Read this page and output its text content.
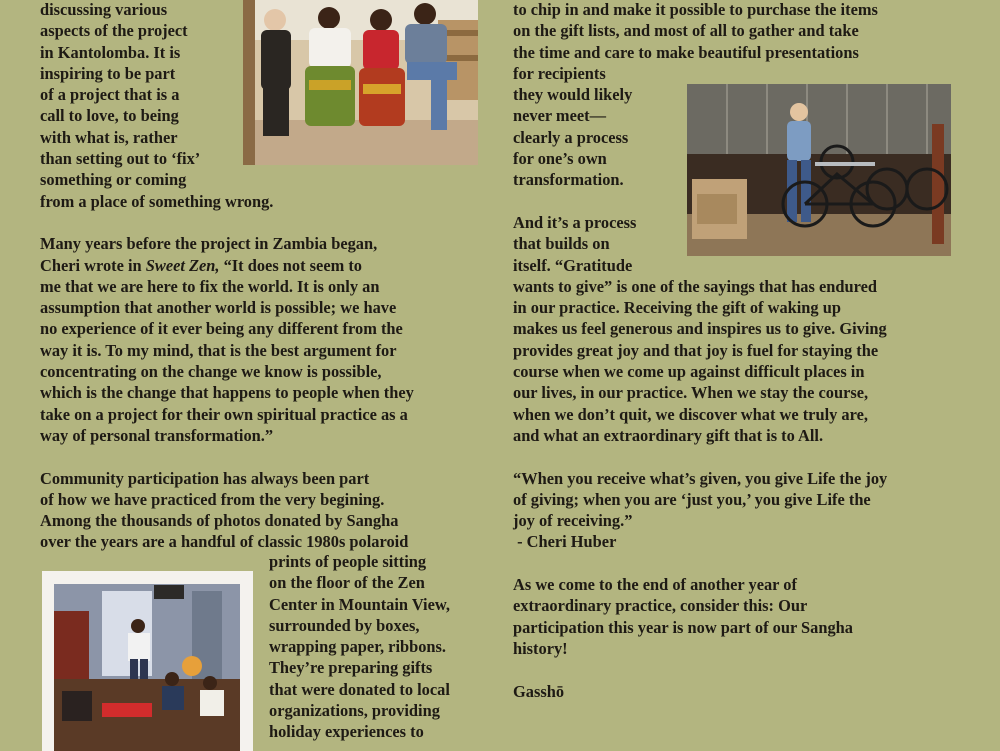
discussing various
aspects of the project
in Kantolomba. It is
inspiring to be part
of a project that is a
call to love, to being
with what is, rather
than setting out to ‘fix’
something or coming
from a place of something wrong.
Many years before the project in Zambia began,
Cheri wrote in Sweet Zen, “It does not seem to
me that we are here to fix the world. It is only an
assumption that another world is possible; we have
no experience of it ever being any different from the
way it is. To my mind, that is the best argument for
concentrating on the change we know is possible,
which is the change that happens to people when they
take on a project for their own spiritual practice as a
way of personal transformation.”
Community participation has always been part
of how we have practiced from the very begining.
Among the thousands of photos donated by Sangha
over the years are a handful of classic 1980s polaroid
prints of people sitting
on the floor of the Zen
Center in Mountain View,
surrounded by boxes,
wrapping paper, ribbons.
They’re preparing gifts
that were donated to local
organizations, providing
holiday experiences to
to chip in and make it possible to purchase the items
on the gift lists, and most of all to gather and take
the time and care to make beautiful presentations
for recipients
they would likely
never meet—
clearly a process
for one’s own
transformation.
And it’s a process
that builds on
itself. “Gratitude
wants to give” is one of the sayings that has endured
in our practice. Receiving the gift of waking up
makes us feel generous and inspires us to give. Giving
provides great joy and that joy is fuel for staying the
course when we come up against difficult places in
our lives, in our practice. When we stay the course,
when we don’t quit, we discover what we truly are,
and what an extraordinary gift that is to All.
“When you receive what’s given, you give Life the joy
of giving; when you are ‘just you,’ you give Life the
joy of receiving.”
- Cheri Huber
As we come to the end of another year of
extraordinary practice, consider this: Our
participation this year is now part of our Sangha
history!
Gasshō
